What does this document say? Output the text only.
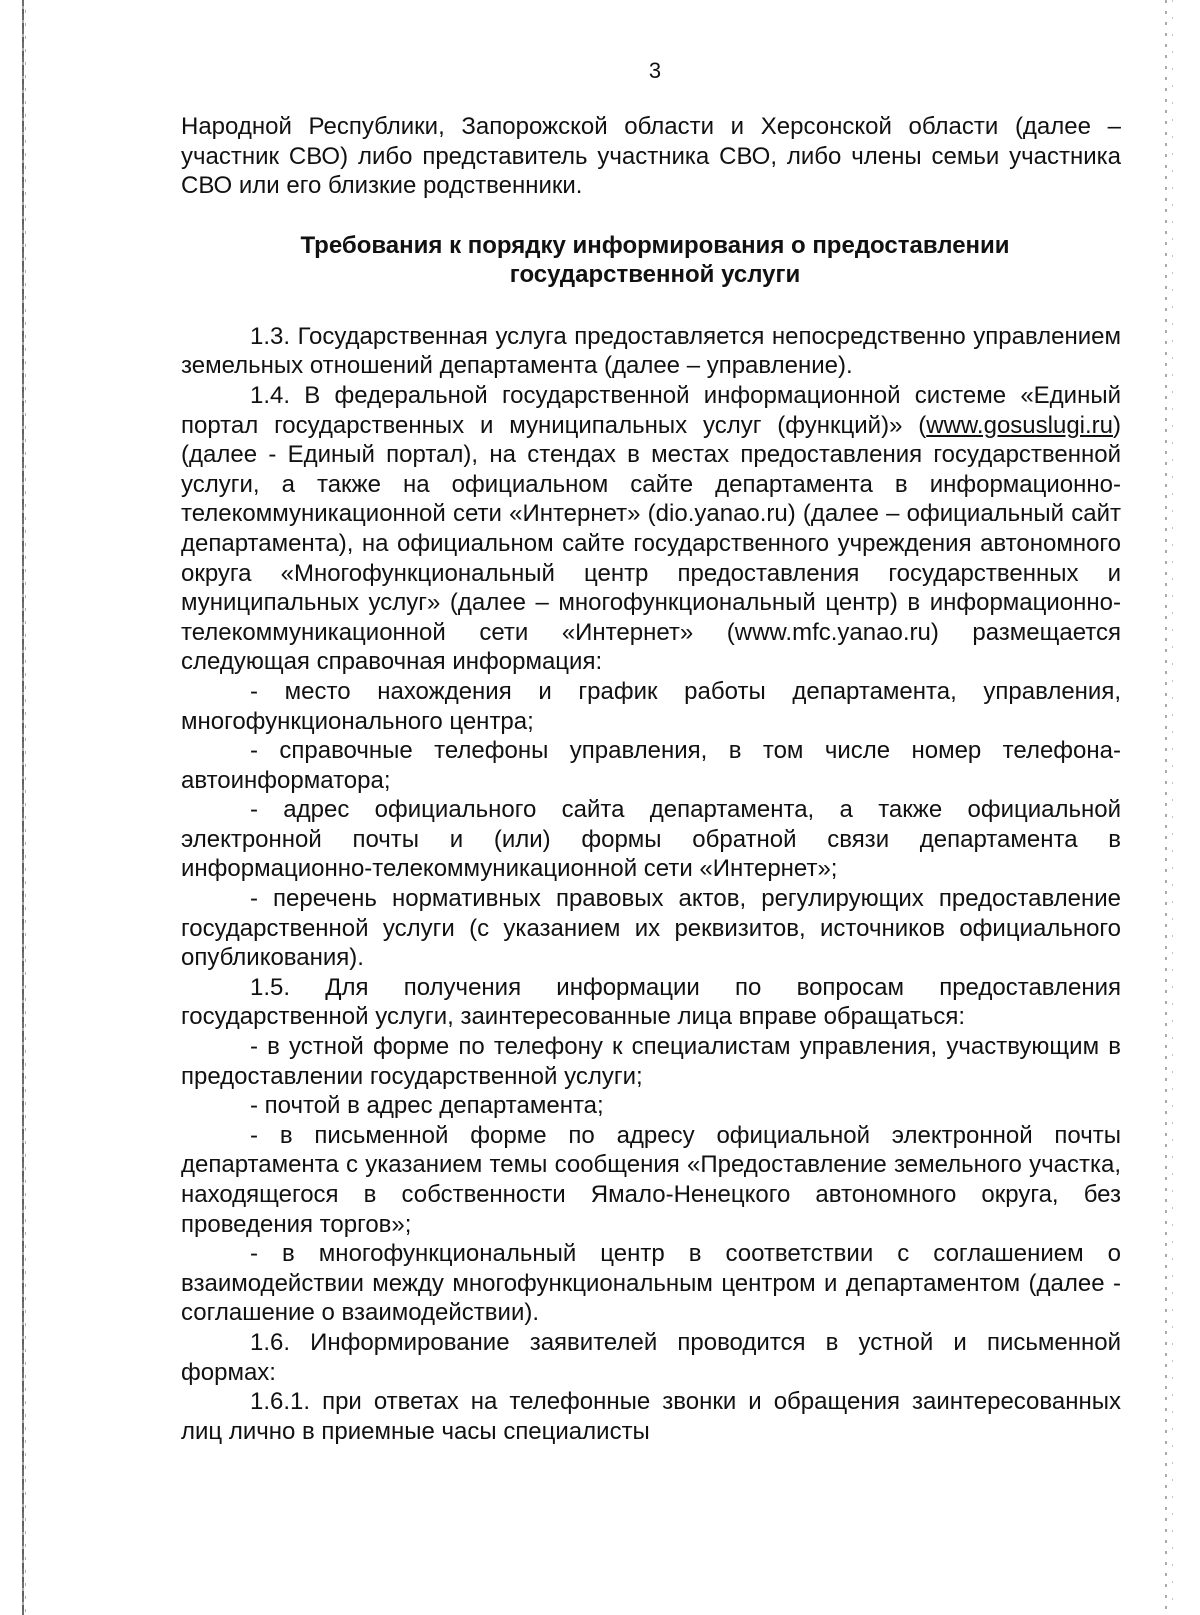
3

Народной Республики, Запорожской области и Херсонской области (далее – участник СВО) либо представитель участника СВО, либо члены семьи участника СВО или его близкие родственники.

Требования к порядку информирования о предоставлении
государственной услуги

1.3. Государственная услуга предоставляется непосредственно управлением земельных отношений департамента (далее – управление).

1.4. В федеральной государственной информационной системе «Единый портал государственных и муниципальных услуг (функций)» (www.gosuslugi.ru) (далее - Единый портал), на стендах в местах предоставления государственной услуги, а также на официальном сайте департамента в информационно-телекоммуникационной сети «Интернет» (dio.yanao.ru) (далее – официальный сайт департамента), на официальном сайте государственного учреждения автономного округа «Многофункциональный центр предоставления государственных и муниципальных услуг» (далее – многофункциональный центр) в информационно-телекоммуникационной сети «Интернет» (www.mfc.yanao.ru) размещается следующая справочная информация:

- место нахождения и график работы департамента, управления, многофункционального центра;

- справочные телефоны управления, в том числе номер телефона-автоинформатора;

- адрес официального сайта департамента, а также официальной электронной почты и (или) формы обратной связи департамента в информационно-телекоммуникационной сети «Интернет»;

- перечень нормативных правовых актов, регулирующих предоставление государственной услуги (с указанием их реквизитов, источников официального опубликования).

1.5. Для получения информации по вопросам предоставления государственной услуги, заинтересованные лица вправе обращаться:

- в устной форме по телефону к специалистам управления, участвующим в предоставлении государственной услуги;

- почтой в адрес департамента;

- в письменной форме по адресу официальной электронной почты департамента с указанием темы сообщения «Предоставление земельного участка, находящегося в собственности Ямало-Ненецкого автономного округа, без проведения торгов»;

- в многофункциональный центр в соответствии с соглашением о взаимодействии между многофункциональным центром и департаментом (далее - соглашение о взаимодействии).

1.6. Информирование заявителей проводится в устной и письменной формах:

1.6.1. при ответах на телефонные звонки и обращения заинтересованных лиц лично в приемные часы специалисты
